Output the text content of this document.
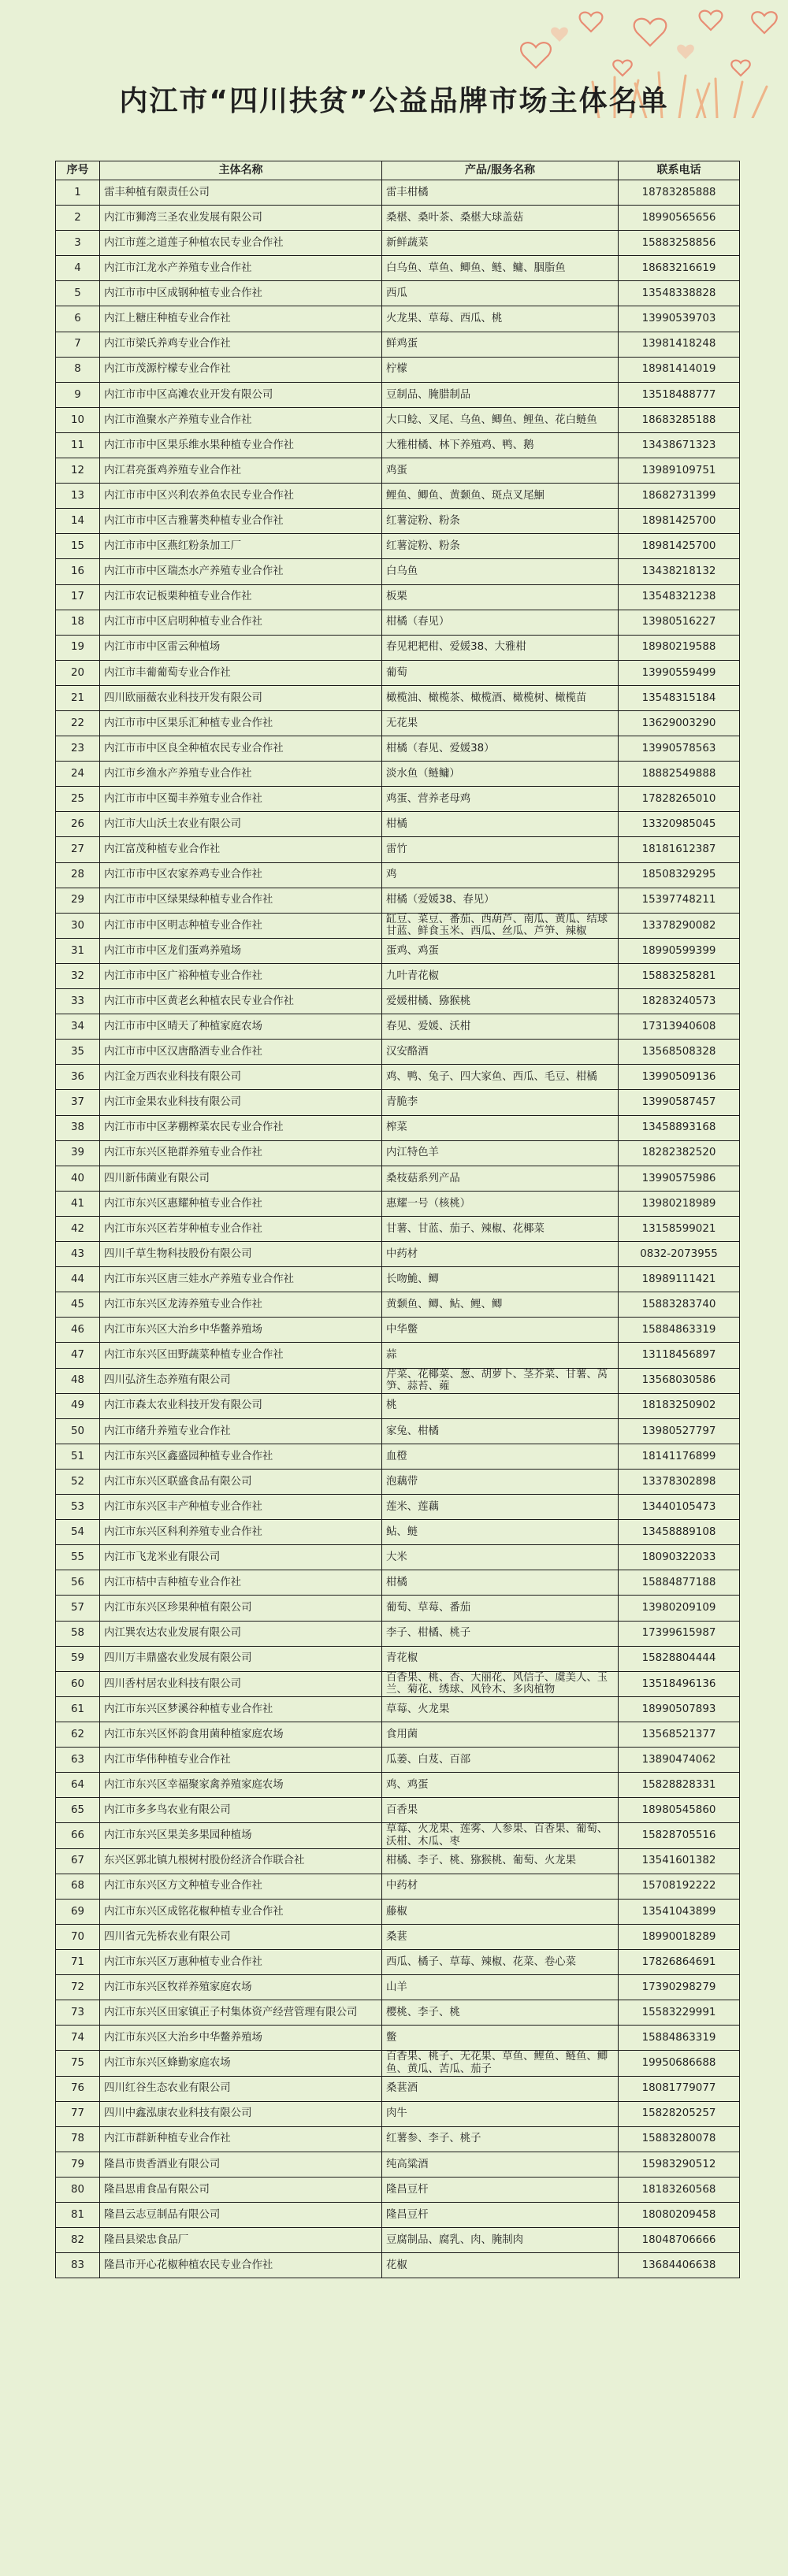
内江市“四川扶贫”公益品牌市场主体名单
序号	主体名称	产品/服务名称	联系电话
1	雷丰种植有限责任公司	雷丰柑橘	18783285888
2	内江市狮湾三圣农业发展有限公司	桑椹、桑叶茶、桑椹大球盖菇	18990565656
3	内江市莲之道莲子种植农民专业合作社	新鲜蔬菜	15883258856
4	内江市江龙水产养殖专业合作社	白乌鱼、草鱼、鲫鱼、鲢、鳙、胭脂鱼	18683216619
5	内江市市中区成钢种植专业合作社	西瓜	13548338828
6	内江上糖庄种植专业合作社	火龙果、草莓、西瓜、桃	13990539703
7	内江市梁氏养鸡专业合作社	鲜鸡蛋	13981418248
8	内江市茂源柠檬专业合作社	柠檬	18981414019
9	内江市市中区高滩农业开发有限公司	豆制品、腌腊制品	13518488777
10	内江市渔聚水产养殖专业合作社	大口鲶、叉尾、乌鱼、鲫鱼、鲤鱼、花白鲢鱼	18683285188
11	内江市市中区果乐维水果种植专业合作社	大雅柑橘、林下养殖鸡、鸭、鹅	13438671323
12	内江君亮蛋鸡养殖专业合作社	鸡蛋	13989109751
13	内江市市中区兴利农养鱼农民专业合作社	鲤鱼、鲫鱼、黄颡鱼、斑点叉尾鮰	18682731399
14	内江市市中区吉雅薯类种植专业合作社	红薯淀粉、粉条	18981425700
15	内江市市中区燕红粉条加工厂	红薯淀粉、粉条	18981425700
16	内江市市中区瑞杰水产养殖专业合作社	白乌鱼	13438218132
17	内江市农记板栗种植专业合作社	板栗	13548321238
18	内江市市中区启明种植专业合作社	柑橘（春见）	13980516227
19	内江市市中区雷云种植场	春见耙耙柑、爱媛38、大雅柑	18980219588
20	内江市丰葡葡萄专业合作社	葡萄	13990559499
21	四川欧丽薇农业科技开发有限公司	橄榄油、橄榄茶、橄榄酒、橄榄树、橄榄苗	13548315184
22	内江市市中区果乐汇种植专业合作社	无花果	13629003290
23	内江市市中区良全种植农民专业合作社	柑橘（春见、爱媛38）	13990578563
24	内江市乡渔水产养殖专业合作社	淡水鱼（鲢鳙）	18882549888
25	内江市市中区蜀丰养殖专业合作社	鸡蛋、营养老母鸡	17828265010
26	内江市大山沃土农业有限公司	柑橘	13320985045
27	内江富茂种植专业合作社	雷竹	18181612387
28	内江市市中区农家养鸡专业合作社	鸡	18508329295
29	内江市市中区绿果绿种植专业合作社	柑橘（爱媛38、春见）	15397748211
30	内江市市中区明志种植专业合作社	缸豆、菜豆、番茄、西葫芦、南瓜、黄瓜、结球甘蓝、鲜食玉米、西瓜、丝瓜、芦笋、辣椒	13378290082
31	内江市市中区龙们蛋鸡养殖场	蛋鸡、鸡蛋	18990599399
32	内江市市中区广裕种植专业合作社	九叶青花椒	15883258281
33	内江市市中区黄老幺种植农民专业合作社	爱媛柑橘、猕猴桃	18283240573
34	内江市市中区晴天了种植家庭农场	春见、爱媛、沃柑	17313940608
35	内江市市中区汉唐酪酒专业合作社	汉安酪酒	13568508328
36	内江金万西农业科技有限公司	鸡、鸭、兔子、四大家鱼、西瓜、毛豆、柑橘	13990509136
37	内江市金果农业科技有限公司	青脆李	13990587457
38	内江市市中区茅棚榨菜农民专业合作社	榨菜	13458893168
39	内江市东兴区艳群养殖专业合作社	内江特色羊	18282382520
40	四川新伟菌业有限公司	桑枝菇系列产品	13990575986
41	内江市东兴区惠耀种植专业合作社	惠耀一号（核桃）	13980218989
42	内江市东兴区若芽种植专业合作社	甘薯、甘蓝、茄子、辣椒、花椰菜	13158599021
43	四川千草生物科技股份有限公司	中药材	0832-2073955
44	内江市东兴区唐三娃水产养殖专业合作社	长吻鮠、鲫	18989111421
45	内江市东兴区龙涛养殖专业合作社	黄颡鱼、鲫、鲇、鲤、鲫	15883283740
46	内江市东兴区大治乡中华鳖养殖场	中华鳖	15884863319
47	内江市东兴区田野蔬菜种植专业合作社	蒜	13118456897
48	四川弘济生态养殖有限公司	芹菜、花椰菜、葱、胡萝卜、茎芥菜、甘薯、莴笋、蒜苔、蕹	13568030586
49	内江市森太农业科技开发有限公司	桃	18183250902
50	内江市绪升养殖专业合作社	家兔、柑橘	13980527797
51	内江市东兴区鑫盛园种植专业合作社	血橙	18141176899
52	内江市东兴区联盛食品有限公司	泡藕带	13378302898
53	内江市东兴区丰产种植专业合作社	莲米、莲藕	13440105473
54	内江市东兴区科利养殖专业合作社	鲇、鲢	13458889108
55	内江市飞龙米业有限公司	大米	18090322033
56	内江市桔中吉种植专业合作社	柑橘	15884877188
57	内江市东兴区珍果种植有限公司	葡萄、草莓、番茄	13980209109
58	内江巽农达农业发展有限公司	李子、柑橘、桃子	17399615987
59	四川万丰鼎盛农业发展有限公司	青花椒	15828804444
60	四川香村居农业科技有限公司	百香果、桃、杏、大丽花、风信子、虞美人、玉兰、菊花、绣球、风铃木、多肉植物	13518496136
61	内江市东兴区梦溪谷种植专业合作社	草莓、火龙果	18990507893
62	内江市东兴区怀韵食用菌种植家庭农场	食用菌	13568521377
63	内江市华伟种植专业合作社	瓜蒌、白芨、百部	13890474062
64	内江市东兴区幸福聚家禽养殖家庭农场	鸡、鸡蛋	15828828331
65	内江市多多鸟农业有限公司	百香果	18980545860
66	内江市东兴区果美多果园种植场	草莓、火龙果、莲雾、人参果、百香果、葡萄、沃柑、木瓜、枣	15828705516
67	东兴区郭北镇九根树村股份经济合作联合社	柑橘、李子、桃、猕猴桃、葡萄、火龙果	13541601382
68	内江市东兴区方文种植专业合作社	中药材	15708192222
69	内江市东兴区成铭花椒种植专业合作社	藤椒	13541043899
70	四川省元先桥农业有限公司	桑葚	18990018289
71	内江市东兴区万惠种植专业合作社	西瓜、橘子、草莓、辣椒、花菜、卷心菜	17826864691
72	内江市东兴区牧祥养殖家庭农场	山羊	17390298279
73	内江市东兴区田家镇正子村集体资产经营管理有限公司	樱桃、李子、桃	15583229991
74	内江市东兴区大治乡中华鳖养殖场	鳖	15884863319
75	内江市东兴区蜂勤家庭农场	百香果、桃子、无花果、草鱼、鲤鱼、鲢鱼、鲫鱼、黄瓜、苦瓜、茄子	19950686688
76	四川红谷生态农业有限公司	桑葚酒	18081779077
77	四川中鑫泓康农业科技有限公司	肉牛	15828205257
78	内江市群新种植专业合作社	红薯参、李子、桃子	15883280078
79	隆昌市贵香酒业有限公司	纯高粱酒	15983290512
80	隆昌思甫食品有限公司	隆昌豆杆	18183260568
81	隆昌云志豆制品有限公司	隆昌豆杆	18080209458
82	隆昌县梁忠食品厂	豆腐制品、腐乳、肉、腌制肉	18048706666
83	隆昌市开心花椒种植农民专业合作社	花椒	13684406638
